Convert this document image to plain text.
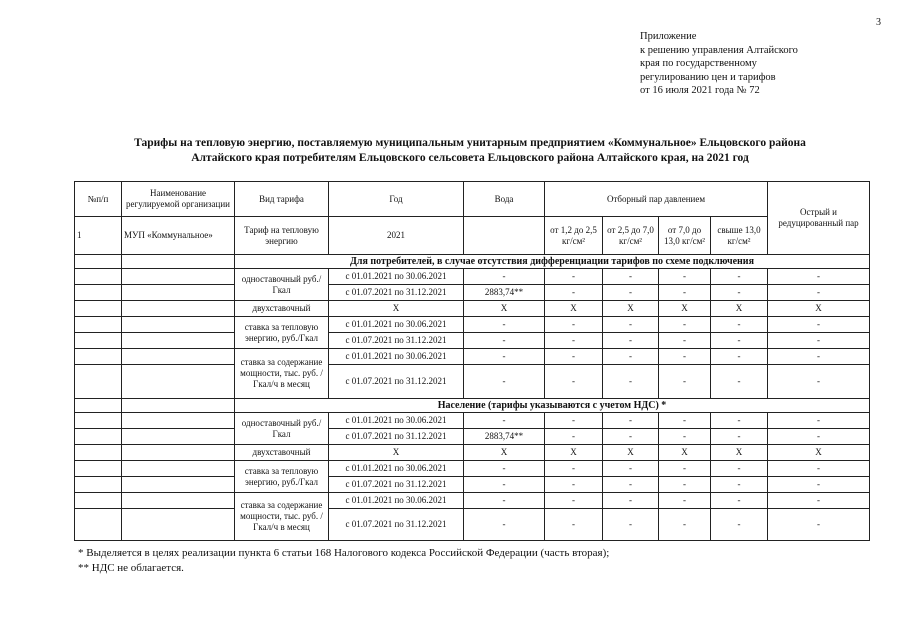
3
Приложение
к решению управления Алтайского
края по государственному
регулированию цен и тарифов
от 16 июля 2021 года № 72
Тарифы на тепловую энергию, поставляемую муниципальным унитарным предприятием «Коммунальное» Ельцовского района
Алтайского края потребителям Ельцовского сельсовета Ельцовского района Алтайского края, на 2021 год
№п/п	Наименование регулируемой организации	Вид тарифа	Год	Вода	Отборный пар давлением				Острый и редуцированный пар
1	МУП «Коммунальное»	Тариф на тепловую энергию	2021		от 1,2 до 2,5 кг/см²	от 2,5 до 7,0 кг/см²	от 7,0 до 13,0 кг/см²	свыше 13,0 кг/см²	
		Для потребителей, в случае отсутствия дифференциации тарифов по схеме подключения							
		одноставочный руб./Гкал	с 01.01.2021 по 30.06.2021	-	-	-	-	-	-
			с 01.07.2021 по 31.12.2021	2883,74**	-	-	-	-	-
		двухставочный	X	X	X	X	X	X	X
		ставка за тепловую энергию, руб./Гкал	с 01.01.2021 по 30.06.2021	-	-	-	-	-	-
			с 01.07.2021 по 31.12.2021	-	-	-	-	-	-
		ставка за содержание мощности, тыс. руб. /Гкал/ч в месяц	с 01.01.2021 по 30.06.2021	-	-	-	-	-	-
			с 01.07.2021 по 31.12.2021	-	-	-	-	-	-
		Население (тарифы указываются с учетом НДС) *							
		одноставочный руб./Гкал	с 01.01.2021 по 30.06.2021	-	-	-	-	-	-
			с 01.07.2021 по 31.12.2021	2883,74**	-	-	-	-	-
		двухставочный	X	X	X	X	X	X	X
		ставка за тепловую энергию, руб./Гкал	с 01.01.2021 по 30.06.2021	-	-	-	-	-	-
			с 01.07.2021 по 31.12.2021	-	-	-	-	-	-
		ставка за содержание мощности, тыс. руб. /Гкал/ч в месяц	с 01.01.2021 по 30.06.2021	-	-	-	-	-	-
			с 01.07.2021 по 31.12.2021	-	-	-	-	-	-
* Выделяется в целях реализации пункта 6 статьи 168 Налогового кодекса Российской Федерации (часть вторая);
** НДС не облагается.
